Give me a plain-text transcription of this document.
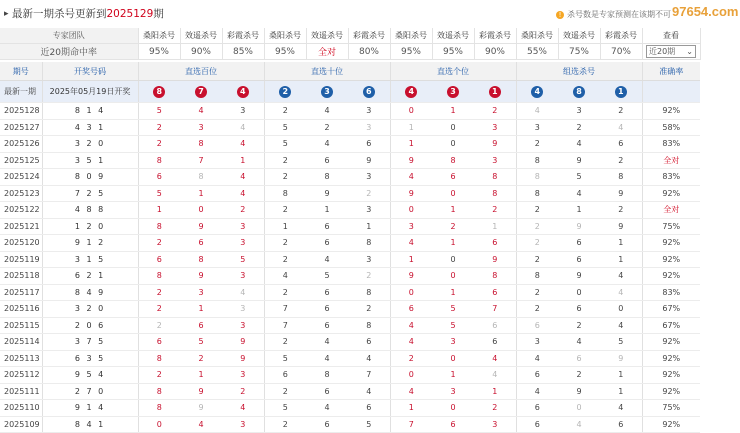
▸ 最新一期杀号更新到2025129期	! 杀号数是专家预测在该期不可 97654.com
专家团队	桑阳杀号	效遥杀号	彩霞杀号	桑阳杀号	效遥杀号	彩霞杀号	桑阳杀号	效遥杀号	彩霞杀号	桑阳杀号	效遥杀号	彩霞杀号	查看
近20期命中率	95%	90%	85%	95%	全对	80%	95%	95%	90%	55%	75%	70%	近20期 ⌄
期号	开奖号码	直选百位			直选十位			直选个位			组选杀号			准确率
最新一期	2025年05月19日开奖	8	7	4	2	3	6	4	3	1	4	8	1	
2025128	8 1 4	5	4	3	2	4	3	0	1	2	4	3	2	92%
2025127	4 3 1	2	3	4	5	2	3	1	0	3	3	2	4	58%
2025126	3 2 0	2	8	4	5	4	6	1	0	9	2	4	6	83%
2025125	3 5 1	8	7	1	2	6	9	9	8	3	8	9	2	全对
2025124	8 0 9	6	8	4	2	8	3	4	6	8	8	5	8	83%
2025123	7 2 5	5	1	4	8	9	2	9	0	8	8	4	9	92%
2025122	4 8 8	1	0	2	2	1	3	0	1	2	2	1	2	全对
2025121	1 2 0	8	9	3	1	6	1	3	2	1	2	9	9	75%
2025120	9 1 2	2	6	3	2	6	8	4	1	6	2	6	1	92%
2025119	3 1 5	6	8	5	2	4	3	1	0	9	2	6	1	92%
2025118	6 2 1	8	9	3	4	5	2	9	0	8	8	9	4	92%
2025117	8 4 9	2	3	4	2	6	8	0	1	6	2	0	4	83%
2025116	3 2 0	2	1	3	7	6	2	6	5	7	2	6	0	67%
2025115	2 0 6	2	6	3	7	6	8	4	5	6	6	2	4	67%
2025114	3 7 5	6	5	9	2	4	6	4	3	6	3	4	5	92%
2025113	6 3 5	8	2	9	5	4	4	2	0	4	4	6	9	92%
2025112	9 5 4	2	1	3	6	8	7	0	1	4	6	2	1	92%
2025111	2 7 0	8	9	2	2	6	4	4	3	1	4	9	1	92%
2025110	9 1 4	8	9	4	5	4	6	1	0	2	6	0	4	75%
2025109	8 4 1	0	4	3	2	6	5	7	6	3	6	4	6	92%
